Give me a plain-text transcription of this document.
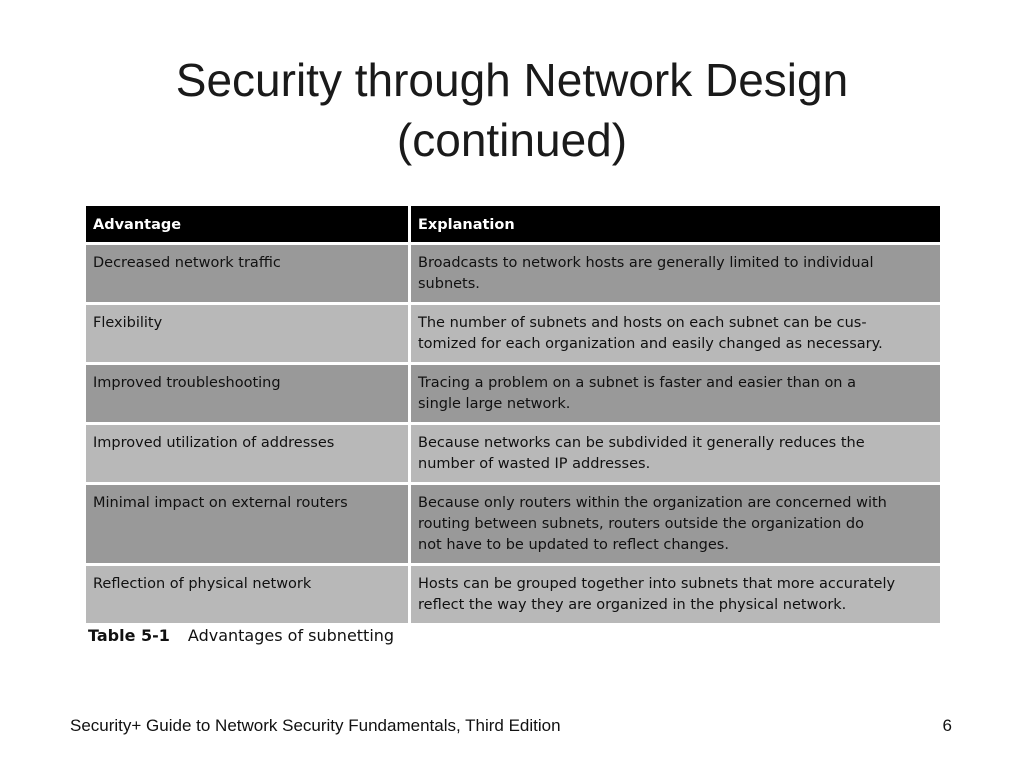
Security through Network Design
(continued)
Advantage	Explanation
Decreased network traffic	Broadcasts to network hosts are generally limited to individual
subnets.
Flexibility	The number of subnets and hosts on each subnet can be cus-
tomized for each organization and easily changed as necessary.
Improved troubleshooting	Tracing a problem on a subnet is faster and easier than on a
single large network.
Improved utilization of addresses	Because networks can be subdivided it generally reduces the
number of wasted IP addresses.
Minimal impact on external routers	Because only routers within the organization are concerned with
routing between subnets, routers outside the organization do
not have to be updated to reflect changes.
Reflection of physical network	Hosts can be grouped together into subnets that more accurately
reflect the way they are organized in the physical network.
Table 5-1 Advantages of subnetting
Security+ Guide to Network Security Fundamentals, Third Edition	6
